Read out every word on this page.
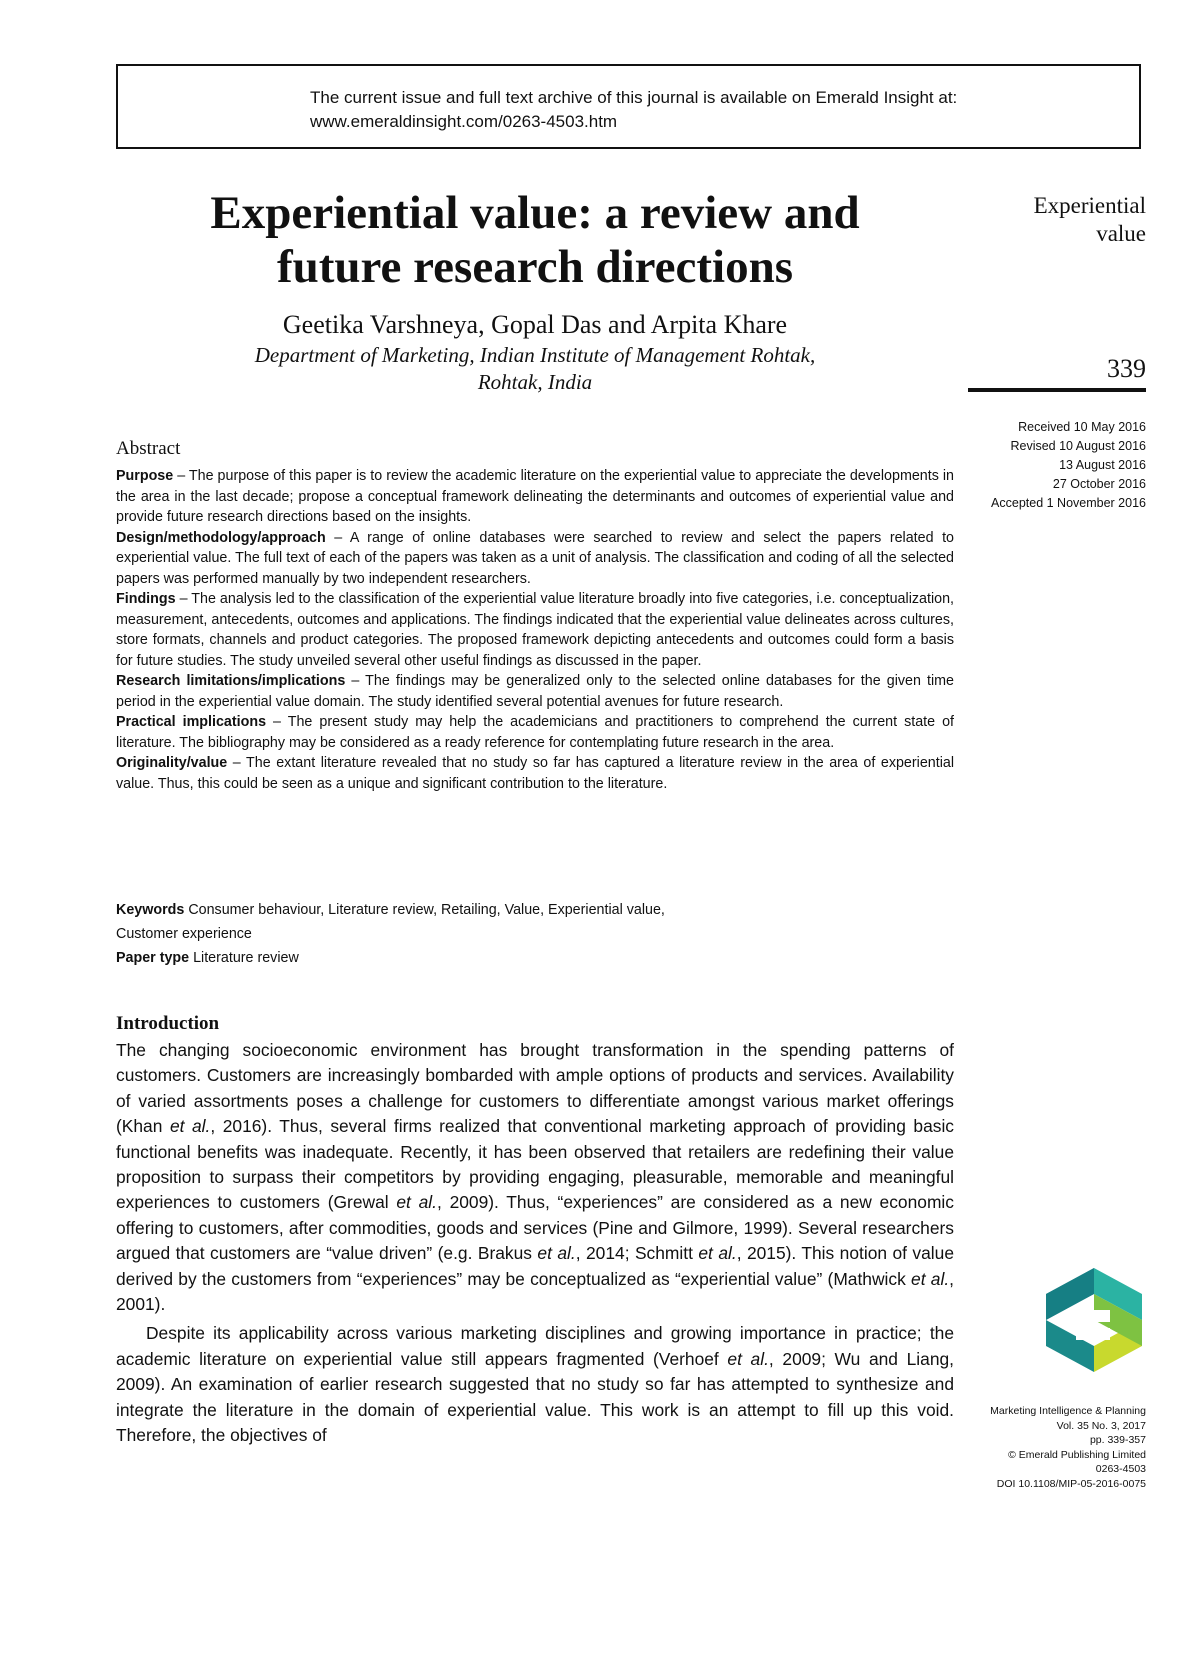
The current issue and full text archive of this journal is available on Emerald Insight at:
www.emeraldinsight.com/0263-4503.htm
Experiential
value
339
Experiential value: a review and
future research directions
Geetika Varshneya, Gopal Das and Arpita Khare
Department of Marketing, Indian Institute of Management Rohtak,
Rohtak, India
Received 10 May 2016
Revised 10 August 2016
13 August 2016
27 October 2016
Accepted 1 November 2016
Abstract

Purpose – The purpose of this paper is to review the academic literature on the experiential value to appreciate the developments in the area in the last decade; propose a conceptual framework delineating the determinants and outcomes of experiential value and provide future research directions based on the insights.

Design/methodology/approach – A range of online databases were searched to review and select the papers related to experiential value. The full text of each of the papers was taken as a unit of analysis. The classification and coding of all the selected papers was performed manually by two independent researchers.

Findings – The analysis led to the classification of the experiential value literature broadly into five categories, i.e. conceptualization, measurement, antecedents, outcomes and applications. The findings indicated that the experiential value delineates across cultures, store formats, channels and product categories. The proposed framework depicting antecedents and outcomes could form a basis for future studies. The study unveiled several other useful findings as discussed in the paper.

Research limitations/implications – The findings may be generalized only to the selected online databases for the given time period in the experiential value domain. The study identified several potential avenues for future research.

Practical implications – The present study may help the academicians and practitioners to comprehend the current state of literature. The bibliography may be considered as a ready reference for contemplating future research in the area.

Originality/value – The extant literature revealed that no study so far has captured a literature review in the area of experiential value. Thus, this could be seen as a unique and significant contribution to the literature.

Keywords Consumer behaviour, Literature review, Retailing, Value, Experiential value,
Customer experience
Paper type Literature review
Introduction

The changing socioeconomic environment has brought transformation in the spending patterns of customers. Customers are increasingly bombarded with ample options of products and services. Availability of varied assortments poses a challenge for customers to differentiate amongst various market offerings (Khan et al., 2016). Thus, several firms realized that conventional marketing approach of providing basic functional benefits was inadequate. Recently, it has been observed that retailers are redefining their value proposition to surpass their competitors by providing engaging, pleasurable, memorable and meaningful experiences to customers (Grewal et al., 2009). Thus, “experiences” are considered as a new economic offering to customers, after commodities, goods and services (Pine and Gilmore, 1999). Several researchers argued that customers are “value driven” (e.g. Brakus et al., 2014; Schmitt et al., 2015). This notion of value derived by the customers from “experiences” may be conceptualized as “experiential value” (Mathwick et al., 2001).

Despite its applicability across various marketing disciplines and growing importance in practice; the academic literature on experiential value still appears fragmented (Verhoef et al., 2009; Wu and Liang, 2009). An examination of earlier research suggested that no study so far has attempted to synthesize and integrate the literature in the domain of experiential value. This work is an attempt to fill up this void. Therefore, the objectives of

Marketing Intelligence & Planning
Vol. 35 No. 3, 2017
pp. 339-357
© Emerald Publishing Limited
0263-4503
DOI 10.1108/MIP-05-2016-0075
